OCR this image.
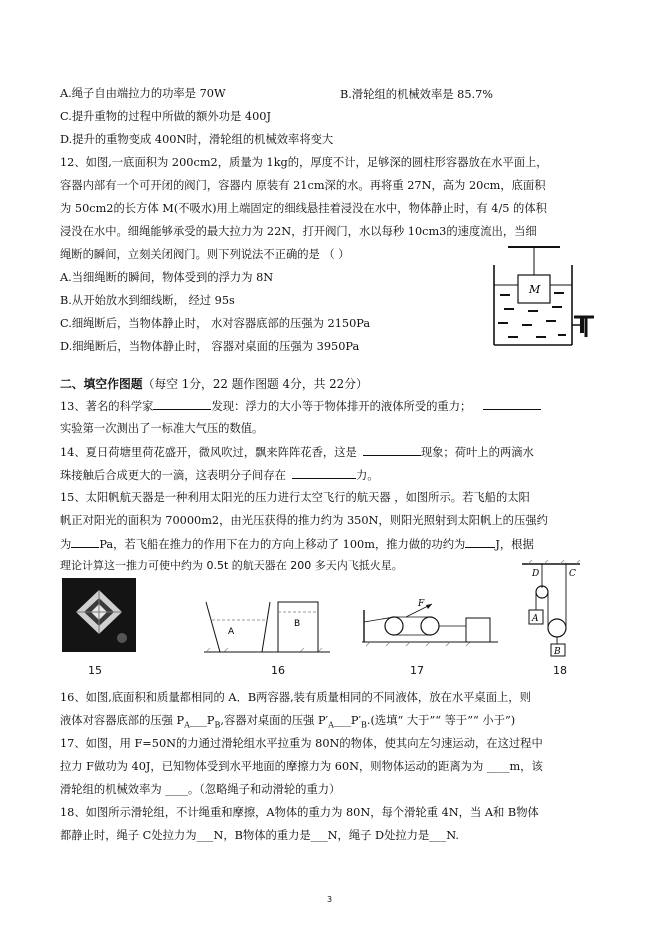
A.绳子自由端拉力的功率是 70W	B.滑轮组的机械效率是 85.7%
C.提升重物的过程中所做的额外功是 400J
D.提升的重物变成 400N时，滑轮组的机械效率将变大
12、如图,一底面积为 200cm2，质量为 1kg的，厚度不计，足够深的圆柱形容器放在水平面上，
容器内部有一个可开闭的阀门，容器内 原装有 21cm深的水。再将重 27N，高为 20cm，底面积
为 50cm2的长方体 M(不吸水)用上端固定的细线悬挂着浸没在水中，物体静止时，有 4/5 的体积
浸没在水中。细绳能够承受的最大拉力为 22N，打开阀门，水以每秒 10cm3的速度流出，当细
绳断的瞬间，立刻关闭阀门。则下列说法不正确的是 （ ）
A.当细绳断的瞬间，物体受到的浮力为 8N
B.从开始放水到细线断， 经过 95s
C.细绳断后，当物体静止时， 水对容器底部的压强为 2150Pa
D.细绳断后，当物体静止时， 容器对桌面的压强为 3950Pa
M
二、填空作图题（每空 1分，22 题作图题 4分，共 22分）
13、著名的科学家	发现：浮力的大小等于物体排开的液体所受的重力；
实验第一次测出了一标准大气压的数值。
14、夏日荷塘里荷花盛开，微风吹过，飘来阵阵花香，这是	现象；荷叶上的两滴水
珠接触后合成更大的一滴，这表明分子间存在	力。
15、太阳帆航天器是一种利用太阳光的压力进行太空飞行的航天器 ，如图所示。若飞船的太阳
帆正对阳光的面积为 70000m2，由光压获得的推力约为 350N，则阳光照射到太阳帆上的压强约
为 Pa，若飞船在推力的作用下在力的方向上移动了 100m，推力做的功约为	J，根据
理论计算这一推力可使中约为 0.5t 的航天器在 200 多天内飞抵火星。
A
B
F
A
B
D	C
15	16	17	18
16、如图,底面积和质量都相同的 A．B两容器,装有质量相同的不同液体，放在水平桌面上，则
液体对容器底部的压强 $P_A\_\_\_P_B$,容器对桌面的压强 $P'_A\_\_\_P'_B$.(选填“ 大于”“ 等于”“ 小于”)
17、如图，用 F=50N的力通过滑轮组水平拉重为 80N的物体，使其向左匀速运动，在这过程中
拉力 F做功为 40J，已知物体受到水平地面的摩擦力为 60N，则物体运动的距离为为 ____m，该
滑轮组的机械效率为 ____。（忽略绳子和动滑轮的重力）
18、如图所示滑轮组，不计绳重和摩擦，A物体的重力为 80N，每个滑轮重 4N，当 A和 B物体
都静止时，绳子 C处拉力为___N，B物体的重力是___N，绳子 D处拉力是___N.
3
